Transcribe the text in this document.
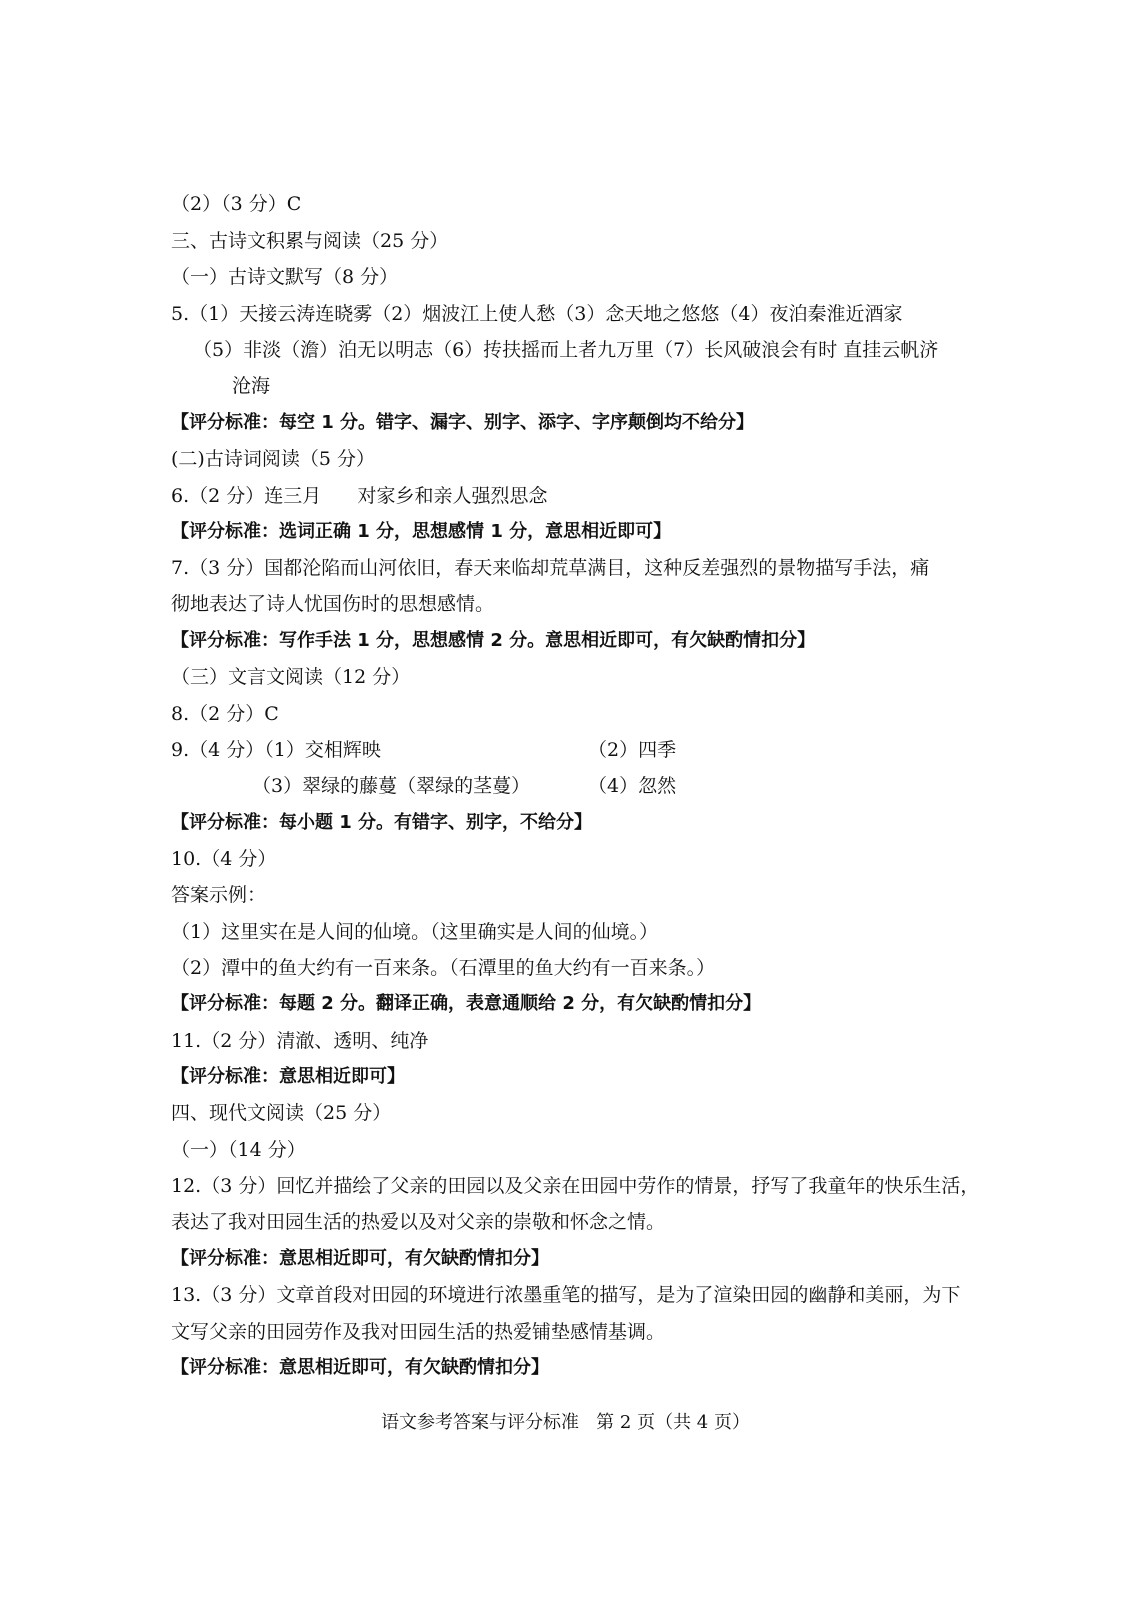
（2）（3 分）C
三、古诗文积累与阅读（25 分）
（一）古诗文默写（8 分）
5.（1）天接云涛连晓雾（2）烟波江上使人愁（3）念天地之悠悠（4）夜泊秦淮近酒家
（5）非淡（澹）泊无以明志（6）抟扶摇而上者九万里（7）长风破浪会有时 直挂云帆济
沧海
【评分标准：每空 1 分。错字、漏字、别字、添字、字序颠倒均不给分】
(二)古诗词阅读（5 分）
6.（2 分）连三月      对家乡和亲人强烈思念
【评分标准：选词正确 1 分，思想感情 1 分，意思相近即可】
7.（3 分）国都沦陷而山河依旧，春天来临却荒草满目，这种反差强烈的景物描写手法，痛
彻地表达了诗人忧国伤时的思想感情。
【评分标准：写作手法 1 分，思想感情 2 分。意思相近即可，有欠缺酌情扣分】
（三）文言文阅读（12 分）
8.（2 分）C
9.（4 分）（1）交相辉映	（2）四季
（3）翠绿的藤蔓（翠绿的茎蔓）	（4）忽然
【评分标准：每小题 1 分。有错字、别字，不给分】
10.（4 分）
答案示例：
（1）这里实在是人间的仙境。（这里确实是人间的仙境。）
（2）潭中的鱼大约有一百来条。（石潭里的鱼大约有一百来条。）
【评分标准：每题 2 分。翻译正确，表意通顺给 2 分，有欠缺酌情扣分】
11.（2 分）清澈、透明、纯净
【评分标准：意思相近即可】
四、现代文阅读（25 分）
（一）（14 分）
12.（3 分）回忆并描绘了父亲的田园以及父亲在田园中劳作的情景，抒写了我童年的快乐生活，
表达了我对田园生活的热爱以及对父亲的崇敬和怀念之情。
【评分标准：意思相近即可，有欠缺酌情扣分】
13.（3 分）文章首段对田园的环境进行浓墨重笔的描写，是为了渲染田园的幽静和美丽，为下
文写父亲的田园劳作及我对田园生活的热爱铺垫感情基调。
【评分标准：意思相近即可，有欠缺酌情扣分】
语文参考答案与评分标准   第 2 页（共 4 页）
